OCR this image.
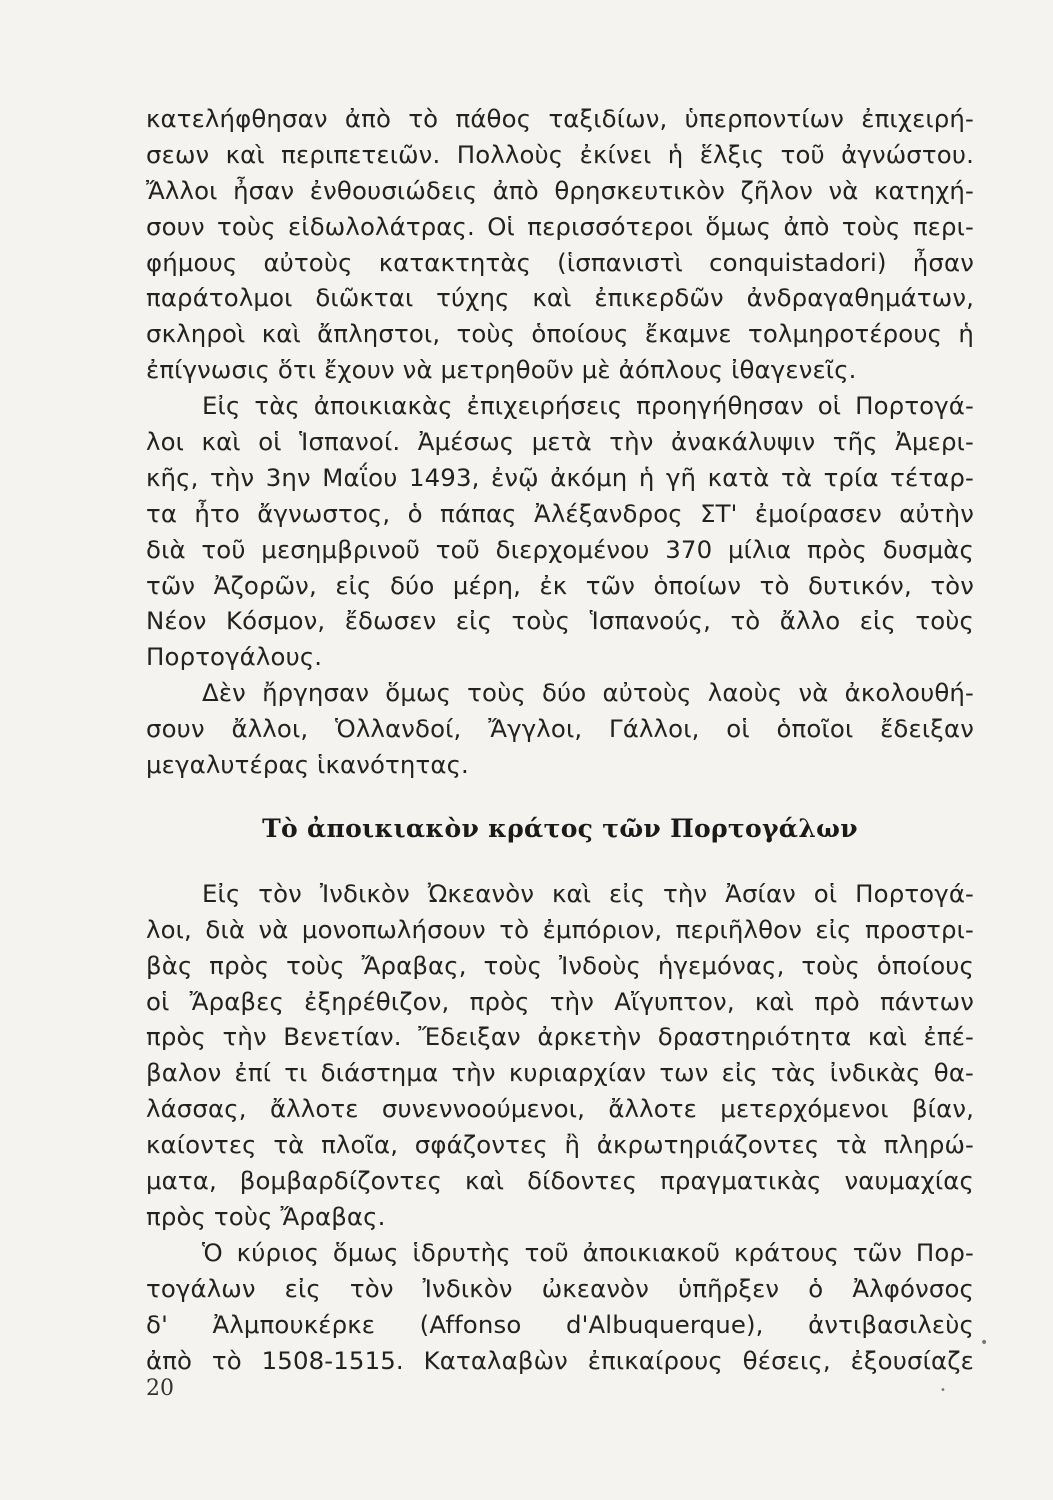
κατελήφθησαν ἀπὸ τὸ πάθος ταξιδίων, ὑπερποντίων ἐπιχειρή-
σεων καὶ περιπετειῶν. Πολλοὺς ἐκίνει ἡ ἕλξις τοῦ ἀγνώστου.
Ἄλλοι ἦσαν ἐνθουσιώδεις ἀπὸ θρησκευτικὸν ζῆλον νὰ κατηχή-
σουν τοὺς εἰδωλολάτρας. Οἱ περισσότεροι ὅμως ἀπὸ τοὺς περι-
φήμους αὐτοὺς κατακτητὰς (ἱσπανιστὶ conquistadori) ἦσαν
παράτολμοι διῶκται τύχης καὶ ἐπικερδῶν ἀνδραγαθημάτων,
σκληροὶ καὶ ἄπληστοι, τοὺς ὁποίους ἔκαμνε τολμηροτέρους ἡ
ἐπίγνωσις ὅτι ἔχουν νὰ μετρηθοῦν μὲ ἀόπλους ἰθαγενεῖς.
Εἰς τὰς ἀποικιακὰς ἐπιχειρήσεις προηγήθησαν οἱ Πορτογά-
λοι καὶ οἱ Ἱσπανοί. Ἀμέσως μετὰ τὴν ἀνακάλυψιν τῆς Ἀμερι-
κῆς, τὴν 3ην Μαΐου 1493, ἐνῷ ἀκόμη ἡ γῆ κατὰ τὰ τρία τέταρ-
τα ἦτο ἄγνωστος, ὁ πάπας Ἀλέξανδρος ΣΤ' ἐμοίρασεν αὐτὴν
διὰ τοῦ μεσημβρινοῦ τοῦ διερχομένου 370 μίλια πρὸς δυσμὰς
τῶν Ἀζορῶν, εἰς δύο μέρη, ἐκ τῶν ὁποίων τὸ δυτικόν, τὸν
Νέον Κόσμον, ἔδωσεν εἰς τοὺς Ἱσπανούς, τὸ ἄλλο εἰς τοὺς
Πορτογάλους.
Δὲν ἤργησαν ὅμως τοὺς δύο αὐτοὺς λαοὺς νὰ ἀκολουθή-
σουν ἄλλοι, Ὁλλανδοί, Ἄγγλοι, Γάλλοι, οἱ ὁποῖοι ἔδειξαν
μεγαλυτέρας ἱκανότητας.
Τὸ ἀποικιακὸν κράτος τῶν Πορτογάλων
Εἰς τὸν Ἰνδικὸν Ὠκεανὸν καὶ εἰς τὴν Ἀσίαν οἱ Πορτογά-
λοι, διὰ νὰ μονοπωλήσουν τὸ ἐμπόριον, περιῆλθον εἰς προστρι-
βὰς πρὸς τοὺς Ἄραβας, τοὺς Ἰνδοὺς ἡγεμόνας, τοὺς ὁποίους
οἱ Ἄραβες ἐξηρέθιζον, πρὸς τὴν Αἴγυπτον, καὶ πρὸ πάντων
πρὸς τὴν Βενετίαν. Ἔδειξαν ἀρκετὴν δραστηριότητα καὶ ἐπέ-
βαλον ἐπί τι διάστημα τὴν κυριαρχίαν των εἰς τὰς ἰνδικὰς θα-
λάσσας, ἄλλοτε συνεννοούμενοι, ἄλλοτε μετερχόμενοι βίαν,
καίοντες τὰ πλοῖα, σφάζοντες ἢ ἀκρωτηριάζοντες τὰ πληρώ-
ματα, βομβαρδίζοντες καὶ δίδοντες πραγματικὰς ναυμαχίας
πρὸς τοὺς Ἄραβας.
Ὁ κύριος ὅμως ἱδρυτὴς τοῦ ἀποικιακοῦ κράτους τῶν Πορ-
τογάλων εἰς τὸν Ἰνδικὸν ὠκεανὸν ὑπῆρξεν ὁ Ἀλφόνσος
δ' Ἀλμπουκέρκε (Affonso d'Albuquerque), ἀντιβασιλεὺς
ἀπὸ τὸ 1508-1515. Καταλαβὼν ἐπικαίρους θέσεις, ἐξουσίαζε
•
•
20
